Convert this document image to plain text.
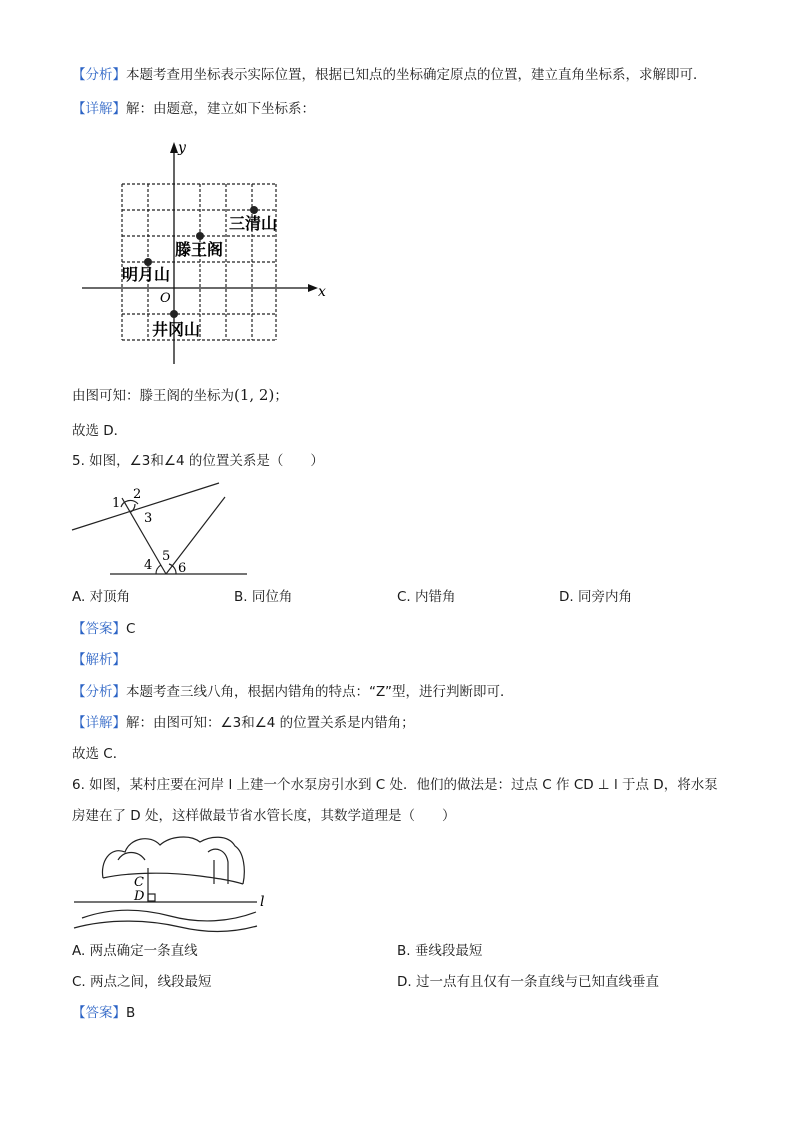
【分析】本题考查用坐标表示实际位置，根据已知点的坐标确定原点的位置，建立直角坐标系，求解即可．
【详解】解：由题意，建立如下坐标系：
x
y
O
三清山
滕王阁
明月山
井冈山
由图可知：滕王阁的坐标为(1, 2)；
故选 D．
5. 如图，∠3和∠4 的位置关系是（　　）
1
2
3
4
5
6
A. 对顶角	B. 同位角	C. 内错角	D. 同旁内角
【答案】C
【解析】
【分析】本题考查三线八角，根据内错角的特点：“Z”型，进行判断即可．
【详解】解：由图可知：∠3和∠4 的位置关系是内错角；
故选 C．
6. 如图，某村庄要在河岸 l 上建一个水泵房引水到 C 处．他们的做法是：过点 C 作 CD ⊥ l 于点 D，将水泵
房建在了 D 处，这样做最节省水管长度，其数学道理是（　　）
C
D	l
A. 两点确定一条直线	B. 垂线段最短
C. 两点之间，线段最短	D. 过一点有且仅有一条直线与已知直线垂直
【答案】B
